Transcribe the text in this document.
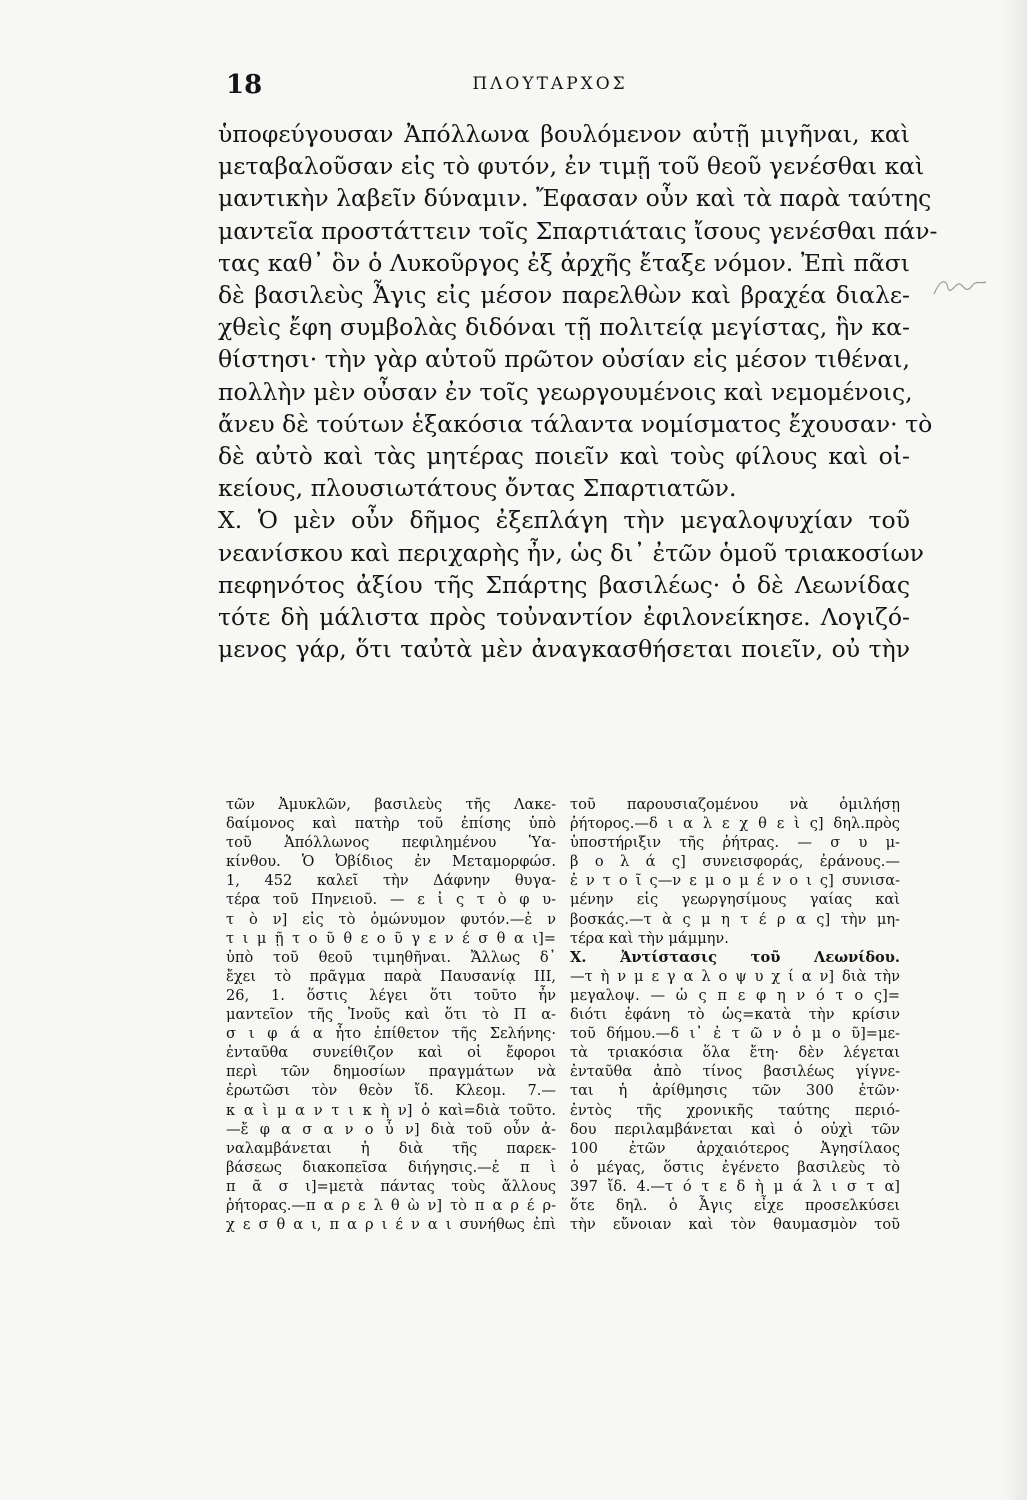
18	ΠΛΟΥΤΑΡΧΟΣ
ὑποφεύγουσαν Ἀπόλλωνα βουλόμενον αὐτῇ μιγῆναι, καὶ
μεταβαλοῦσαν εἰς τὸ φυτόν, ἐν τιμῇ τοῦ θεοῦ γενέσθαι καὶ
μαντικὴν λαβεῖν δύναμιν. Ἔφασαν οὖν καὶ τὰ παρὰ ταύτης
μαντεῖα προστάττειν τοῖς Σπαρτιάταις ἴσους γενέσθαι πάν-
τας καθ᾿ ὃν ὁ Λυκοῦργος ἐξ ἀρχῆς ἔταξε νόμον. Ἐπὶ πᾶσι
δὲ βασιλεὺς Ἆγις εἰς μέσον παρελθὼν καὶ βραχέα διαλε-
χθεὶς ἔφη συμβολὰς διδόναι τῇ πολιτείᾳ μεγίστας, ἣν κα-
θίστησι· τὴν γὰρ αὑτοῦ πρῶτον οὐσίαν εἰς μέσον τιθέναι,
πολλὴν μὲν οὖσαν ἐν τοῖς γεωργουμένοις καὶ νεμομένοις,
ἄνευ δὲ τούτων ἑξακόσια τάλαντα νομίσματος ἔχουσαν· τὸ
δὲ αὐτὸ καὶ τὰς μητέρας ποιεῖν καὶ τοὺς φίλους καὶ οἰ-
κείους, πλουσιωτάτους ὄντας Σπαρτιατῶν.
Χ. Ὁ μὲν οὖν δῆμος ἐξεπλάγη τὴν μεγαλοψυχίαν τοῦ
νεανίσκου καὶ περιχαρὴς ἦν, ὡς δι᾿ ἐτῶν ὁμοῦ τριακοσίων
πεφηνότος ἀξίου τῆς Σπάρτης βασιλέως· ὁ δὲ Λεωνίδας
τότε δὴ μάλιστα πρὸς τοὐναντίον ἐφιλονείκησε. Λογιζό-
μενος γάρ, ὅτι ταὐτὰ μὲν ἀναγκασθήσεται ποιεῖν, οὐ τὴν
τῶν Ἀμυκλῶν, βασιλεὺς τῆς Λακε-
δαίμονος καὶ πατὴρ τοῦ ἐπίσης ὑπὸ
τοῦ Ἀπόλλωνος πεφιλημένου Ὑα-
κίνθου. Ὁ Ὀβίδιος ἐν Μεταμορφώσ.
1, 452 καλεῖ τὴν Δάφνην θυγα-
τέρα τοῦ Πηνειοῦ. — ε ἰ ς τ ὸ φ υ-
τ ὸ ν] εἰς τὸ ὁμώνυμον φυτόν.—ἐ ν
τ ι μ ῇ τ ο ῦ θ ε ο ῦ γ ε ν έ σ θ α ι]=
ὑπὸ τοῦ θεοῦ τιμηθῆναι. Ἄλλως δ᾿
ἔχει τὸ πρᾶγμα παρὰ Παυσανίᾳ III,
26, 1. ὅστις λέγει ὅτι τοῦτο ἦν
μαντεῖον τῆς Ἰνοῦς καὶ ὅτι τὸ Π α-
σ ι φ ά α ἦτο ἐπίθετον τῆς Σελήνης·
ἐνταῦθα συνείθιζον καὶ οἱ ἔφοροι
περὶ τῶν δημοσίων πραγμάτων νὰ
ἐρωτῶσι τὸν θεὸν ἴδ. Κλεομ. 7.—
κ α ὶ μ α ν τ ι κ ὴ ν] ὁ καὶ=διὰ τοῦτο.
—ἔ φ α σ α ν ο ὖ ν] διὰ τοῦ οὖν ἀ-
ναλαμβάνεται ἡ διὰ τῆς παρεκ-
βάσεως διακοπεῖσα διήγησις.—ἐ π ὶ
π ᾶ σ ι]=μετὰ πάντας τοὺς ἄλλους
ῥήτορας.—π α ρ ε λ θ ὼ ν] τὸ π α ρ έ ρ-
χ ε σ θ α ι, π α ρ ι έ ν α ι συνήθως ἐπὶ
τοῦ παρουσιαζομένου νὰ ὁμιλήσῃ
ῥήτορος.—δ ι α λ ε χ θ ε ὶ ς] δηλ.πρὸς
ὑποστήριξιν τῆς ῥήτρας. — σ υ μ-
β ο λ ά ς] συνεισφοράς, ἐράνους.—
ἐ ν τ ο ῖ ς—ν ε μ ο μ έ ν ο ι ς] συνισα-
μένην εἰς γεωργησίμους γαίας καὶ
βοσκάς.—τ ὰ ς μ η τ έ ρ α ς] τὴν μη-
τέρα καὶ τὴν μάμμην.
Χ. Ἀντίστασις τοῦ Λεωνίδου.
—τ ὴ ν μ ε γ α λ ο ψ υ χ ί α ν] διὰ τὴν
μεγαλοψ. — ὡ ς π ε φ η ν ό τ ο ς]=
διότι ἐφάνη τὸ ὡς=κατὰ τὴν κρίσιν
τοῦ δήμου.—δ ι᾿ ἐ τ ῶ ν ὁ μ ο ῦ]=με-
τὰ τριακόσια ὅλα ἔτη· δὲν λέγεται
ἐνταῦθα ἀπὸ τίνος βασιλέως γίγνε-
ται ἡ ἀρίθμησις τῶν 300 ἐτῶν·
ἐντὸς τῆς χρονικῆς ταύτης περιό-
δου περιλαμβάνεται καὶ ὁ οὐχὶ τῶν
100 ἐτῶν ἀρχαιότερος Ἀγησίλαος
ὁ μέγας, ὅστις ἐγένετο βασιλεὺς τὸ
397 ἴδ. 4.—τ ό τ ε δ ὴ μ ά λ ι σ τ α]
ὅτε δηλ. ὁ Ἆγις εἶχε προσελκύσει
τὴν εὔνοιαν καὶ τὸν θαυμασμὸν τοῦ
